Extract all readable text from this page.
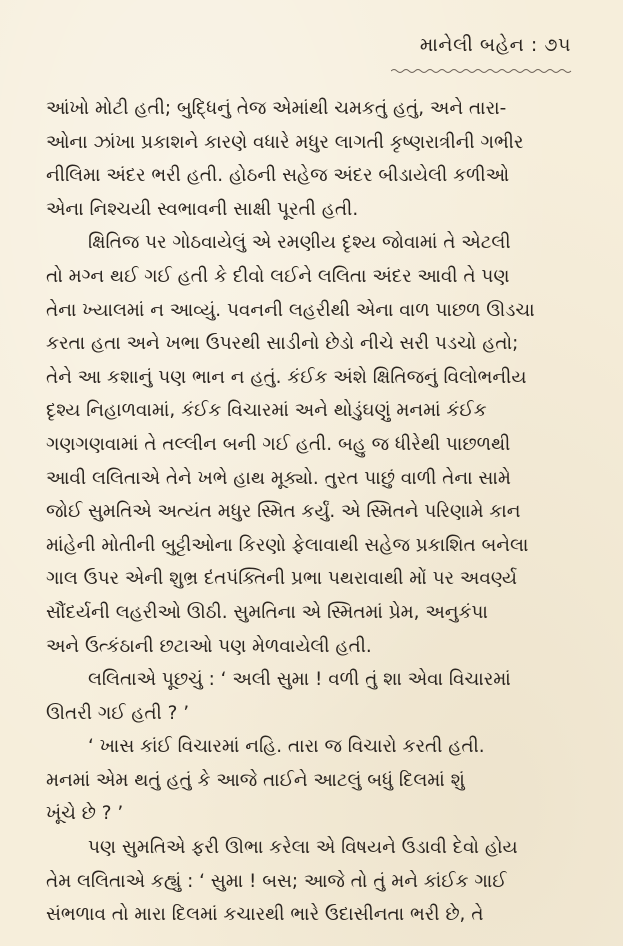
માનેલી બહેન : ૭૫
આંખો મોટી હતી; બુદ્ધિનું તેજ એમાંથી ચમકતું હતું, અને તારા-
ઓના ઝાંખા પ્રકાશને કારણે વધારે મધુર લાગતી કૃષ્ણરાત્રીની ગભીર
નીલિમા અંદર ભરી હતી. હોઠની સહેજ અંદર બીડાયેલી કળીઓ
એના નિશ્ચયી સ્વભાવની સાક્ષી પૂરતી હતી.
ક્ષિતિજ પર ગોઠવાયેલું એ રમણીય દૃશ્ય જોવામાં તે એટલી
તો મગ્ન થઈ ગઈ હતી કે દીવો લઈને લલિતા અંદર આવી તે પણ
તેના ખ્યાલમાં ન આવ્યું. પવનની લહરીથી એના વાળ પાછળ ઊડચા
કરતા હતા અને ખભા ઉપરથી સાડીનો છેડો નીચે સરી પડચો હતો;
તેને આ કશાનું પણ ભાન ન હતું. કંઈક અંશે ક્ષિતિજનું વિલોભનીય
દૃશ્ય નિહાળવામાં, કંઈક વિચારમાં અને થોડુંઘણું મનમાં કંઈક
ગણગણવામાં તે તલ્લીન બની ગઈ હતી. બહુ જ ધીરેથી પાછળથી
આવી લલિતાએ તેને ખભે હાથ મૂક્યો. તુરત પાછું વાળી તેના સામે
જોઈ સુમતિએ અત્યંત મધુર સ્મિત કર્યું. એ સ્મિતને પરિણામે કાન
માંહેની મોતીની બુટ્ટીઓના કિરણો ફેલાવાથી સહેજ પ્રકાશિત બનેલા
ગાલ ઉપર એની શુભ્ર દંતપંક્તિની પ્રભા પથરાવાથી મોં પર અવર્ણ્ય
સૌંદર્યની લહરીઓ ઊઠી. સુમતિના એ સ્મિતમાં પ્રેમ, અનુકંપા
અને ઉત્કંઠાની છટાઓ પણ મેળવાયેલી હતી.
લલિતાએ પૂછચું : ‘ અલી સુમા ! વળી તું શા એવા વિચારમાં
ઊતરી ગઈ હતી ? ’
‘ ખાસ કાંઈ વિચારમાં નહિ. તારા જ વિચારો કરતી હતી.
મનમાં એમ થતું હતું કે આજે તાઈને આટલું બધું દિલમાં શું
ખૂંચે છે ? ’
પણ સુમતિએ ફરી ઊભા કરેલા એ વિષયને ઉડાવી દેવો હોય
તેમ લલિતાએ કહ્યું : ‘ સુમા ! બસ; આજે તો તું મને કાંઈક ગાઈ
સંભળાવ તો મારા દિલમાં કચારથી ભારે ઉદાસીનતા ભરી છે, તે
